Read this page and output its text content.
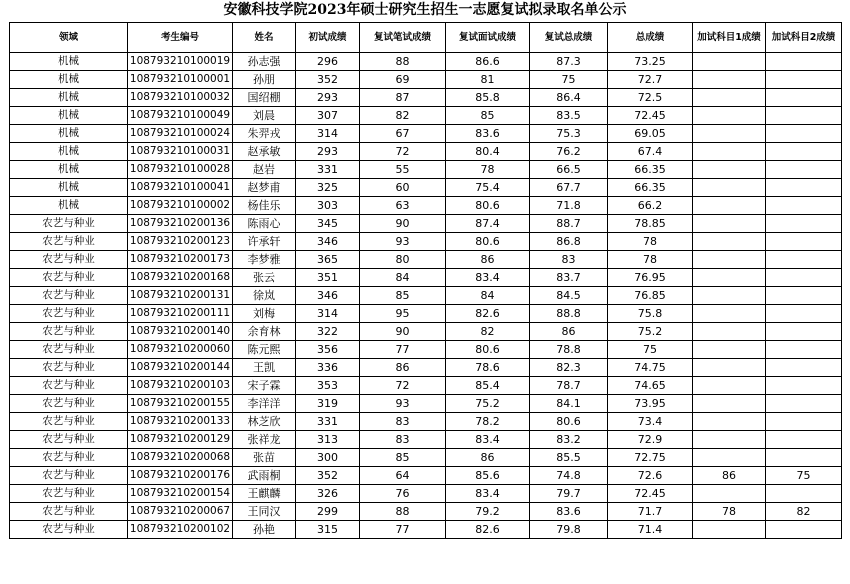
安徽科技学院2023年硕士研究生招生一志愿复试拟录取名单公示
领域	考生编号	姓名	初试成绩	复试笔试成绩	复试面试成绩	复试总成绩	总成绩	加试科目1成绩	加试科目2成绩
机械	108793210100019	孙志强	296	88	86.6	87.3	73.25		
机械	108793210100001	孙朋	352	69	81	75	72.7		
机械	108793210100032	国绍棚	293	87	85.8	86.4	72.5		
机械	108793210100049	刘晨	307	82	85	83.5	72.45		
机械	108793210100024	朱羿戎	314	67	83.6	75.3	69.05		
机械	108793210100031	赵承敏	293	72	80.4	76.2	67.4		
机械	108793210100028	赵岩	331	55	78	66.5	66.35		
机械	108793210100041	赵梦甫	325	60	75.4	67.7	66.35		
机械	108793210100002	杨佳乐	303	63	80.6	71.8	66.2		
农艺与种业	108793210200136	陈雨心	345	90	87.4	88.7	78.85		
农艺与种业	108793210200123	许承轩	346	93	80.6	86.8	78		
农艺与种业	108793210200173	李梦雅	365	80	86	83	78		
农艺与种业	108793210200168	张云	351	84	83.4	83.7	76.95		
农艺与种业	108793210200131	徐岚	346	85	84	84.5	76.85		
农艺与种业	108793210200111	刘梅	314	95	82.6	88.8	75.8		
农艺与种业	108793210200140	余育林	322	90	82	86	75.2		
农艺与种业	108793210200060	陈元熙	356	77	80.6	78.8	75		
农艺与种业	108793210200144	王凯	336	86	78.6	82.3	74.75		
农艺与种业	108793210200103	宋子霖	353	72	85.4	78.7	74.65		
农艺与种业	108793210200155	李洋洋	319	93	75.2	84.1	73.95		
农艺与种业	108793210200133	林芝欣	331	83	78.2	80.6	73.4		
农艺与种业	108793210200129	张祥龙	313	83	83.4	83.2	72.9		
农艺与种业	108793210200068	张苗	300	85	86	85.5	72.75		
农艺与种业	108793210200176	武雨桐	352	64	85.6	74.8	72.6	86	75
农艺与种业	108793210200154	王麒麟	326	76	83.4	79.7	72.45		
农艺与种业	108793210200067	王同汉	299	88	79.2	83.6	71.7	78	82
农艺与种业	108793210200102	孙艳	315	77	82.6	79.8	71.4		
